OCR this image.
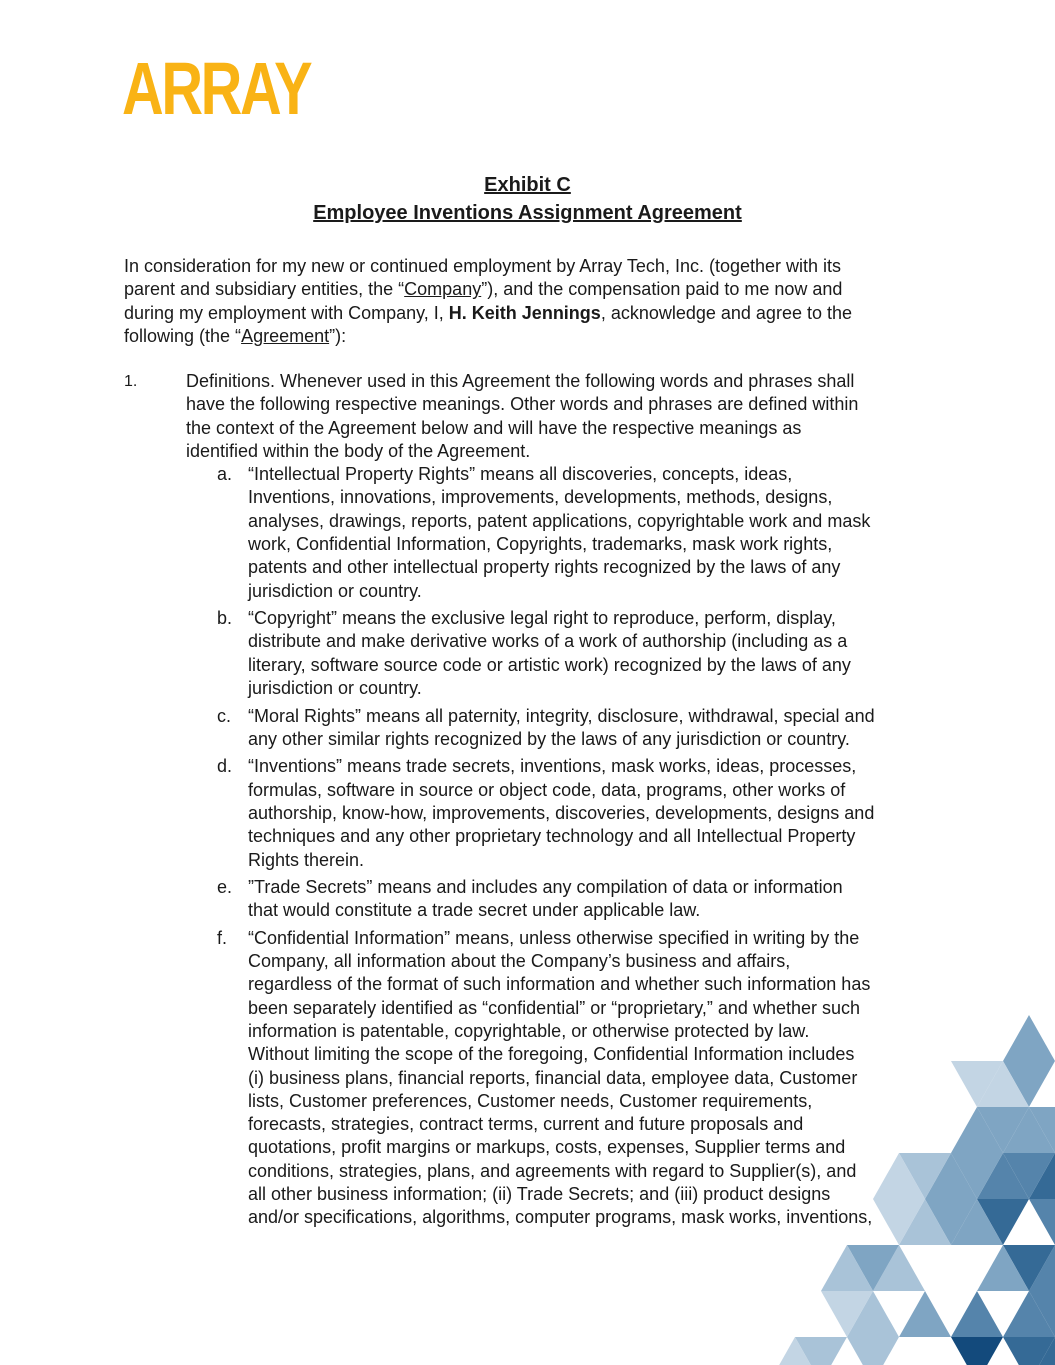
ARRAY
Exhibit C
Employee Inventions Assignment Agreement
In consideration for my new or continued employment by Array Tech, Inc. (together with its
parent and subsidiary entities, the “Company”), and the compensation paid to me now and
during my employment with Company, I, H. Keith Jennings, acknowledge and agree to the
following (the “Agreement”):
1.	Definitions. Whenever used in this Agreement the following words and phrases shall
have the following respective meanings. Other words and phrases are defined within
the context of the Agreement below and will have the respective meanings as
identified within the body of the Agreement.
a. “Intellectual Property Rights” means all discoveries, concepts, ideas,
Inventions, innovations, improvements, developments, methods, designs,
analyses, drawings, reports, patent applications, copyrightable work and mask
work, Confidential Information, Copyrights, trademarks, mask work rights,
patents and other intellectual property rights recognized by the laws of any
jurisdiction or country.
b. “Copyright” means the exclusive legal right to reproduce, perform, display,
distribute and make derivative works of a work of authorship (including as a
literary, software source code or artistic work) recognized by the laws of any
jurisdiction or country.
c. “Moral Rights” means all paternity, integrity, disclosure, withdrawal, special and
any other similar rights recognized by the laws of any jurisdiction or country.
d. “Inventions” means trade secrets, inventions, mask works, ideas, processes,
formulas, software in source or object code, data, programs, other works of
authorship, know-how, improvements, discoveries, developments, designs and
techniques and any other proprietary technology and all Intellectual Property
Rights therein.
e. ”Trade Secrets” means and includes any compilation of data or information
that would constitute a trade secret under applicable law.
f. “Confidential Information” means, unless otherwise specified in writing by the
Company, all information about the Company’s business and affairs,
regardless of the format of such information and whether such information has
been separately identified as “confidential” or “proprietary,” and whether such
information is patentable, copyrightable, or otherwise protected by law.
Without limiting the scope of the foregoing, Confidential Information includes
(i) business plans, financial reports, financial data, employee data, Customer
lists, Customer preferences, Customer needs, Customer requirements,
forecasts, strategies, contract terms, current and future proposals and
quotations, profit margins or markups, costs, expenses, Supplier terms and
conditions, strategies, plans, and agreements with regard to Supplier(s), and
all other business information; (ii) Trade Secrets; and (iii) product designs
and/or specifications, algorithms, computer programs, mask works, inventions,
